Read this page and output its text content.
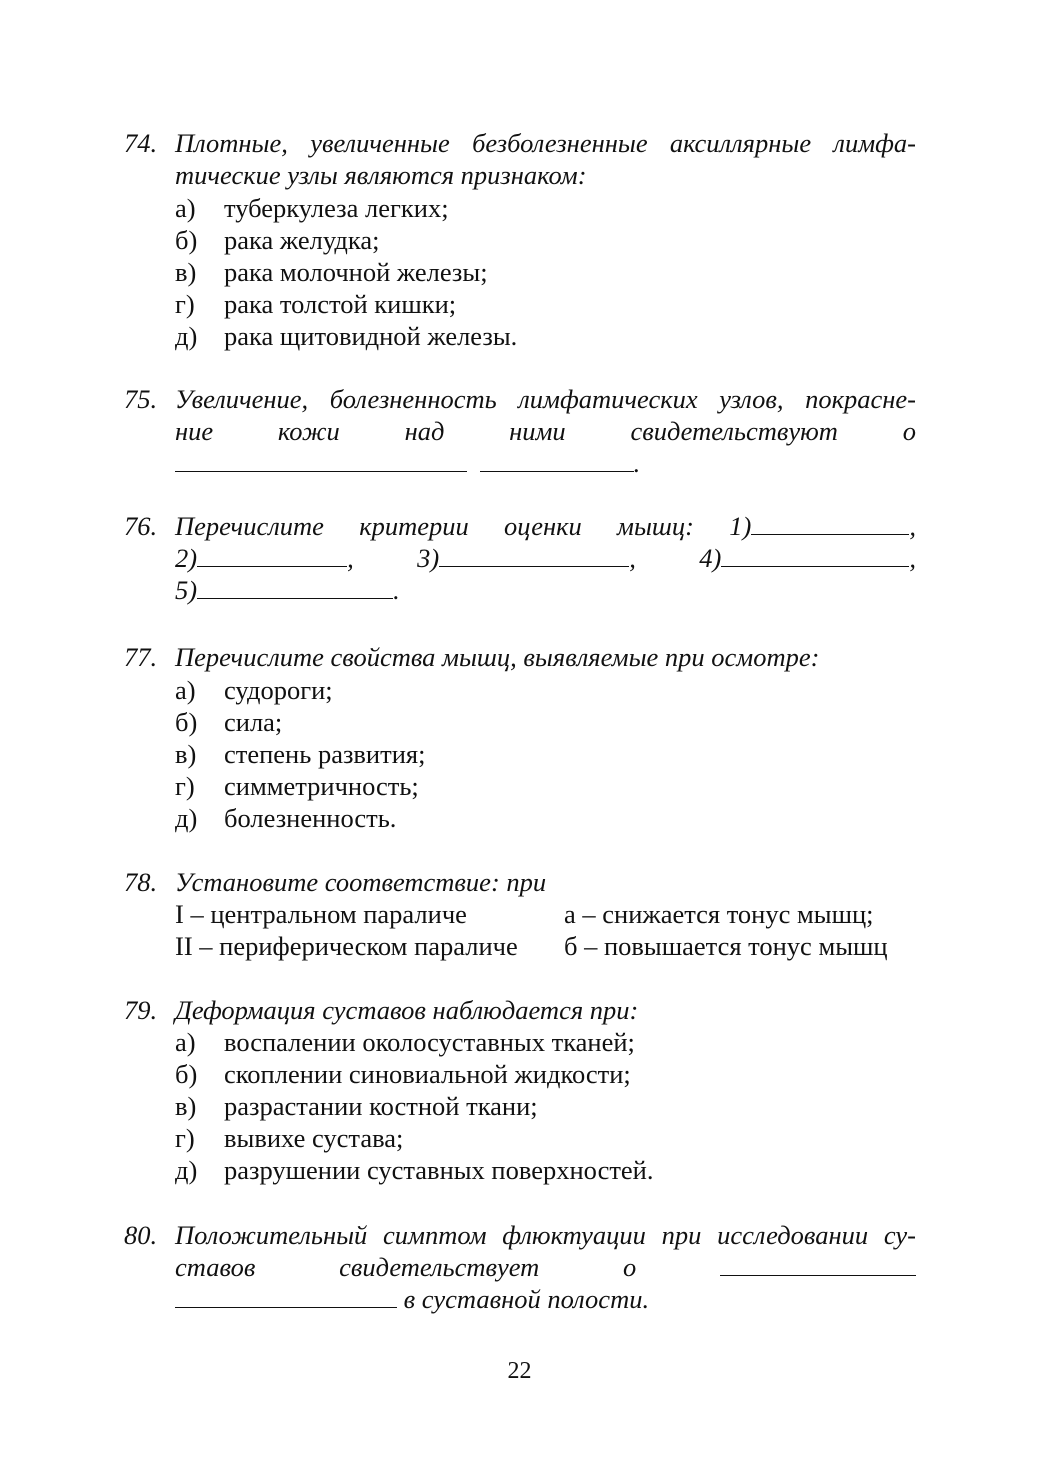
74. Плотные, увеличенные безболезненные аксиллярные лимфа-
тические узлы являются признаком:
а) туберкулеза легких;
б) рака желудка;
в) рака молочной железы;
г) рака толстой кишки;
д) рака щитовидной железы.
75. Увеличение, болезненность лимфатических узлов, покрасне-
ние кожи над ними свидетельствуют о
.
76. Перечислите критерии оценки мышц: 1)	,
2)	, 3)	, 4)	,
5)	.
77. Перечислите свойства мышц, выявляемые при осмотре:
а) судороги;
б) сила;
в) степень развития;
г) симметричность;
д) болезненность.
78. Установите соответствие: при
I – центральном параличе	а – снижается тонус мышц;
II – периферическом параличе б – повышается тонус мышц
79. Деформация суставов наблюдается при:
а) воспалении околосуставных тканей;
б) скоплении синовиальной жидкости;
в) разрастании костной ткани;
г) вывихе сустава;
д) разрушении суставных поверхностей.
80. Положительный симптом флюктуации при исследовании су-
ставов	свидетельствует	о
в суставной полости.
22
